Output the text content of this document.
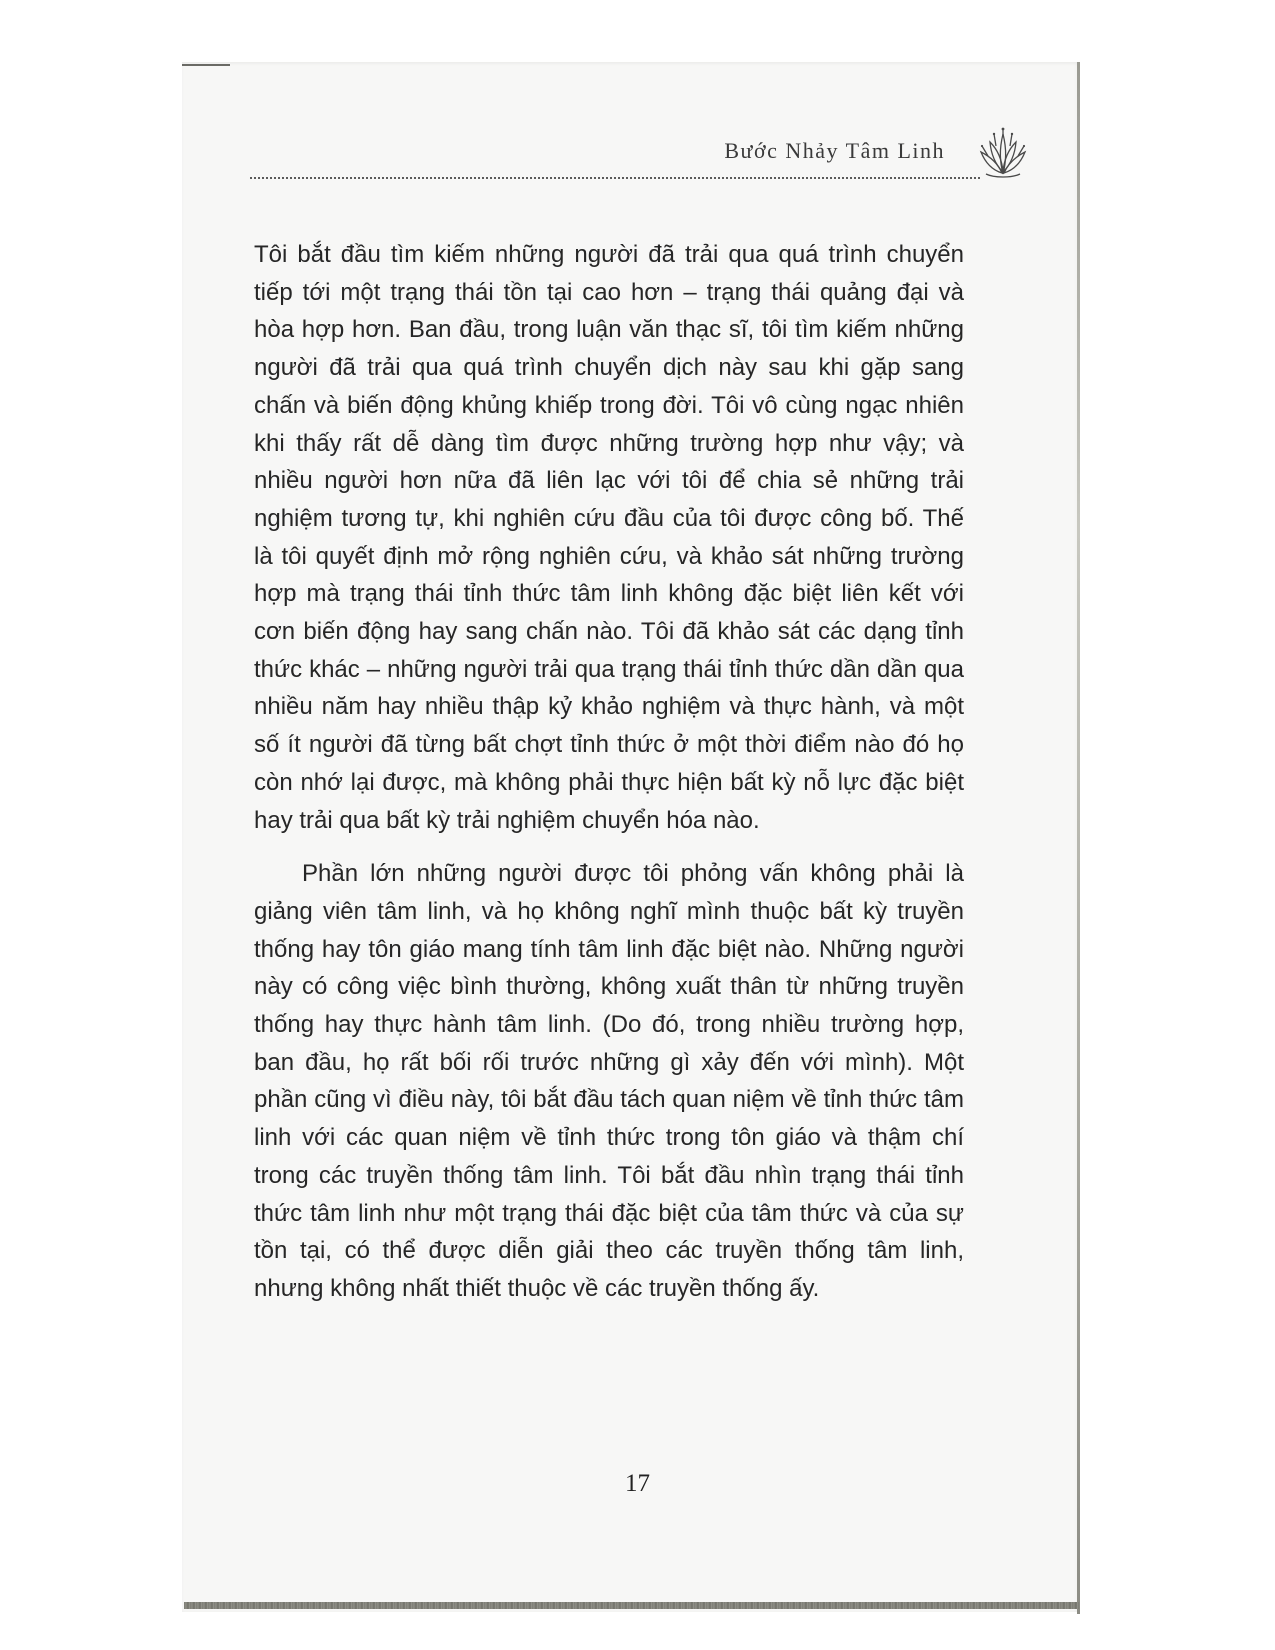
Bước Nhảy Tâm Linh

Tôi bắt đầu tìm kiếm những người đã trải qua quá trình chuyển tiếp tới một trạng thái tồn tại cao hơn – trạng thái quảng đại và hòa hợp hơn. Ban đầu, trong luận văn thạc sĩ, tôi tìm kiếm những người đã trải qua quá trình chuyển dịch này sau khi gặp sang chấn và biến động khủng khiếp trong đời. Tôi vô cùng ngạc nhiên khi thấy rất dễ dàng tìm được những trường hợp như vậy; và nhiều người hơn nữa đã liên lạc với tôi để chia sẻ những trải nghiệm tương tự, khi nghiên cứu đầu của tôi được công bố. Thế là tôi quyết định mở rộng nghiên cứu, và khảo sát những trường hợp mà trạng thái tỉnh thức tâm linh không đặc biệt liên kết với cơn biến động hay sang chấn nào. Tôi đã khảo sát các dạng tỉnh thức khác – những người trải qua trạng thái tỉnh thức dần dần qua nhiều năm hay nhiều thập kỷ khảo nghiệm và thực hành, và một số ít người đã từng bất chợt tỉnh thức ở một thời điểm nào đó họ còn nhớ lại được, mà không phải thực hiện bất kỳ nỗ lực đặc biệt hay trải qua bất kỳ trải nghiệm chuyển hóa nào.

Phần lớn những người được tôi phỏng vấn không phải là giảng viên tâm linh, và họ không nghĩ mình thuộc bất kỳ truyền thống hay tôn giáo mang tính tâm linh đặc biệt nào. Những người này có công việc bình thường, không xuất thân từ những truyền thống hay thực hành tâm linh. (Do đó, trong nhiều trường hợp, ban đầu, họ rất bối rối trước những gì xảy đến với mình). Một phần cũng vì điều này, tôi bắt đầu tách quan niệm về tỉnh thức tâm linh với các quan niệm về tỉnh thức trong tôn giáo và thậm chí trong các truyền thống tâm linh. Tôi bắt đầu nhìn trạng thái tỉnh thức tâm linh như một trạng thái đặc biệt của tâm thức và của sự tồn tại, có thể được diễn giải theo các truyền thống tâm linh, nhưng không nhất thiết thuộc về các truyền thống ấy.

17
